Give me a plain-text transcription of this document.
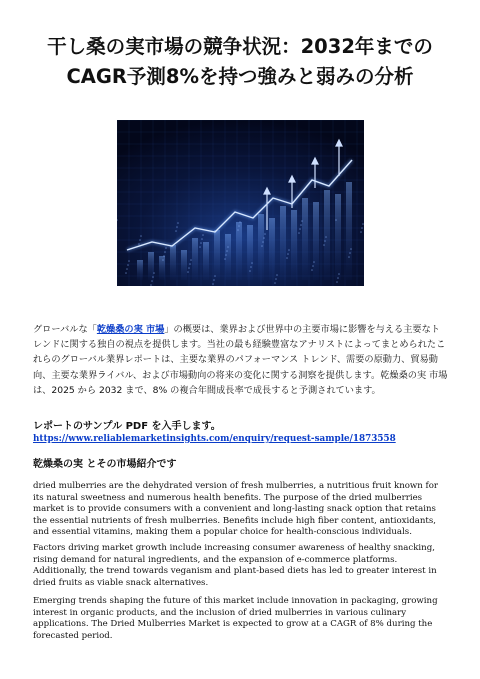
干し桑の実市場の競争状況：2032年までのCAGR予測8%を持つ強みと弱みの分析

グローバルな「乾燥桑の実 市場」の概要は、業界および世界中の主要市場に影響を与える主要なトレンドに関する独自の視点を提供します。当社の最も経験豊富なアナリストによってまとめられたこれらのグローバル業界レポートは、主要な業界のパフォーマンス トレンド、需要の原動力、貿易動向、主要な業界ライバル、および市場動向の将来の変化に関する洞察を提供します。乾燥桑の実 市場は、2025 から 2032 まで、8% の複合年間成長率で成長すると予測されています。

レポートのサンプル PDF を入手します。
https://www.reliablemarketinsights.com/enquiry/request-sample/1873558
乾燥桑の実 とその市場紹介です

dried mulberries are the dehydrated version of fresh mulberries, a nutritious fruit known for its natural sweetness and numerous health benefits. The purpose of the dried mulberries market is to provide consumers with a convenient and long-lasting snack option that retains the essential nutrients of fresh mulberries. Benefits include high fiber content, antioxidants, and essential vitamins, making them a popular choice for health-conscious individuals.

Factors driving market growth include increasing consumer awareness of healthy snacking, rising demand for natural ingredients, and the expansion of e-commerce platforms. Additionally, the trend towards veganism and plant-based diets has led to greater interest in dried fruits as viable snack alternatives.

Emerging trends shaping the future of this market include innovation in packaging, growing interest in organic products, and the inclusion of dried mulberries in various culinary applications. The Dried Mulberries Market is expected to grow at a CAGR of 8% during the forecasted period.
